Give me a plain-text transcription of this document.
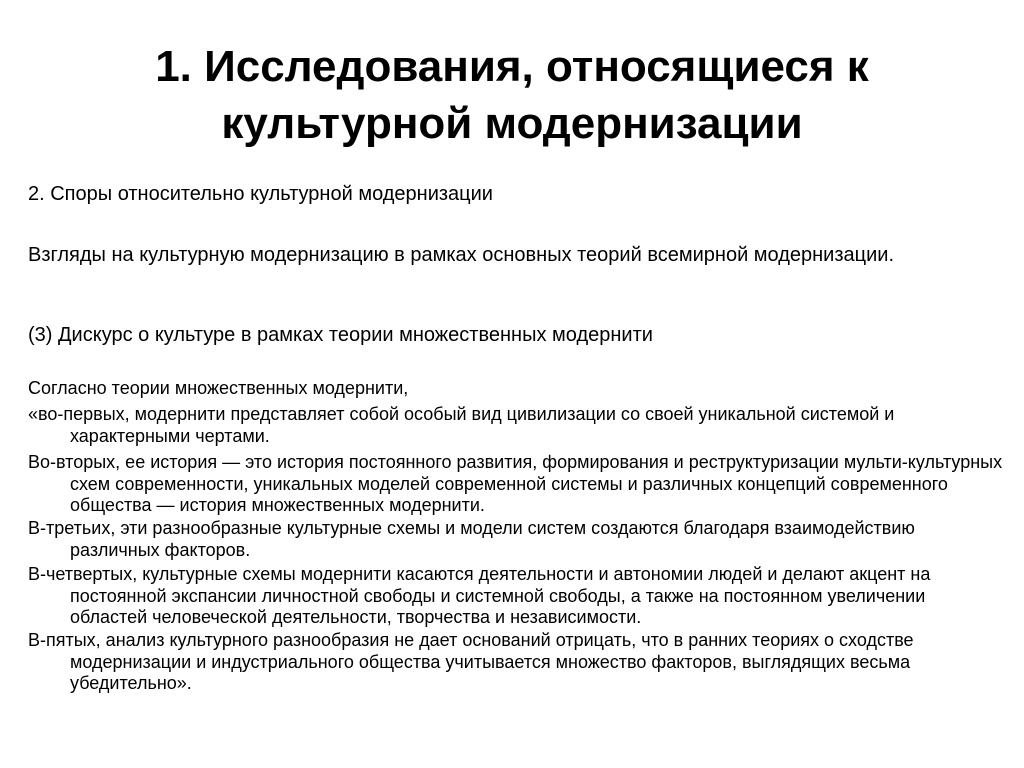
1. Исследования, относящиеся к
культурной модернизации

2. Споры относительно культурной модернизации

Взгляды на культурную модернизацию в рамках основных теорий всемирной модернизации.

(3) Дискурс о культуре в рамках теории множественных модернити

Согласно теории множественных модернити,

«во-первых, модернити представляет собой особый вид цивилизации со своей уникальной системой и характерными чертами.

Во-вторых, ее история — это история постоянного развития, формирования и реструктуризации мульти-культурных схем современности, уникальных моделей современной системы и различных концепций современного общества — история множественных модернити.

В-третьих, эти разнообразные культурные схемы и модели систем создаются благодаря взаимодействию различных факторов.

В-четвертых, культурные схемы модернити касаются деятельности и автономии людей и делают акцент на постоянной экспансии личностной свободы и системной свободы, а также на постоянном увеличении областей человеческой деятельности, творчества и независимости.

В-пятых, анализ культурного разнообразия не дает оснований отрицать, что в ранних теориях о сходстве модернизации и индустриального общества учитывается множество факторов, выглядящих весьма убедительно».
